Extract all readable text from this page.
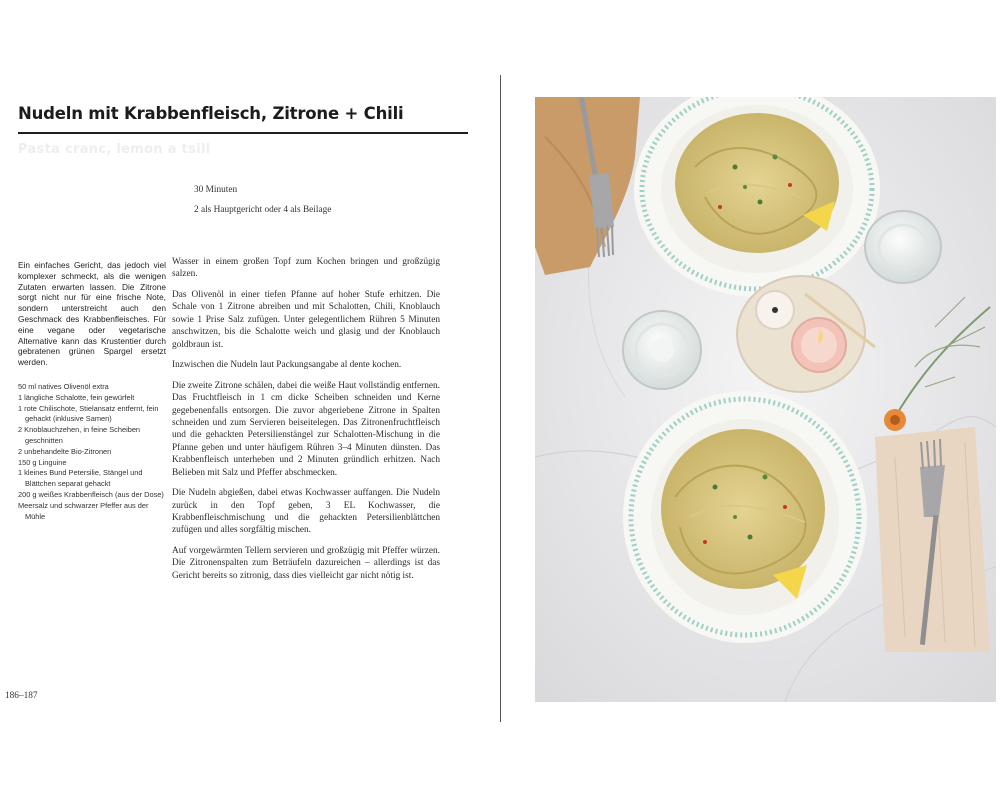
Nudeln mit Krabbenfleisch, Zitrone + Chili
Pasta cranc, lemon a tsili
30 Minuten
2 als Hauptgericht oder 4 als Beilage

Ein einfaches Gericht, das jedoch viel komplexer schmeckt, als die wenigen Zutaten erwarten lassen. Die Zitrone sorgt nicht nur für eine frische Note, sondern unterstreicht auch den Geschmack des Krabbenfleisches. Für eine vegane oder vegetarische Alternative kann das Krustentier durch gebratenen grünen Spargel ersetzt werden.

50 ml natives Olivenöl extra
1 längliche Schalotte, fein gewürfelt
1 rote Chilischote, Stielansatz entfernt, fein gehackt (inklusive Samen)
2 Knoblauchzehen, in feine Scheiben geschnitten
2 unbehandelte Bio-Zitronen
150 g Linguine
1 kleines Bund Petersilie, Stängel und Blättchen separat gehackt
200 g weißes Krabbenfleisch (aus der Dose)
Meersalz und schwarzer Pfeffer aus der Mühle

Wasser in einem großen Topf zum Kochen bringen und großzügig salzen.

Das Olivenöl in einer tiefen Pfanne auf hoher Stufe erhitzen. Die Schale von 1 Zitrone abreiben und mit Schalotten, Chili, Knoblauch sowie 1 Prise Salz zufügen. Unter gelegentlichem Rühren 5 Minuten anschwitzen, bis die Schalotte weich und glasig und der Knoblauch goldbraun ist.

Inzwischen die Nudeln laut Packungsangabe al dente kochen.

Die zweite Zitrone schälen, dabei die weiße Haut vollständig entfernen. Das Fruchtfleisch in 1 cm dicke Scheiben schneiden und Kerne gegebenenfalls entsorgen. Die zuvor abgeriebene Zitrone in Spalten schneiden und zum Servieren beiseitelegen. Das Zitronenfruchtfleisch und die gehackten Petersilienstängel zur Schalotten-Mischung in die Pfanne geben und unter häufigem Rühren 3–4 Minuten dünsten. Das Krabbenfleisch unterheben und 2 Minuten gründlich erhitzen. Nach Belieben mit Salz und Pfeffer abschmecken.

Die Nudeln abgießen, dabei etwas Kochwasser auffangen. Die Nudeln zurück in den Topf geben, 3 EL Kochwasser, die Krabbenfleischmischung und die gehackten Petersilienblättchen zufügen und alles sorgfältig mischen.

Auf vorgewärmten Tellern servieren und großzügig mit Pfeffer würzen. Die Zitronenspalten zum Beträufeln dazureichen – allerdings ist das Gericht bereits so zitronig, dass dies vielleicht gar nicht nötig ist.

186–187
